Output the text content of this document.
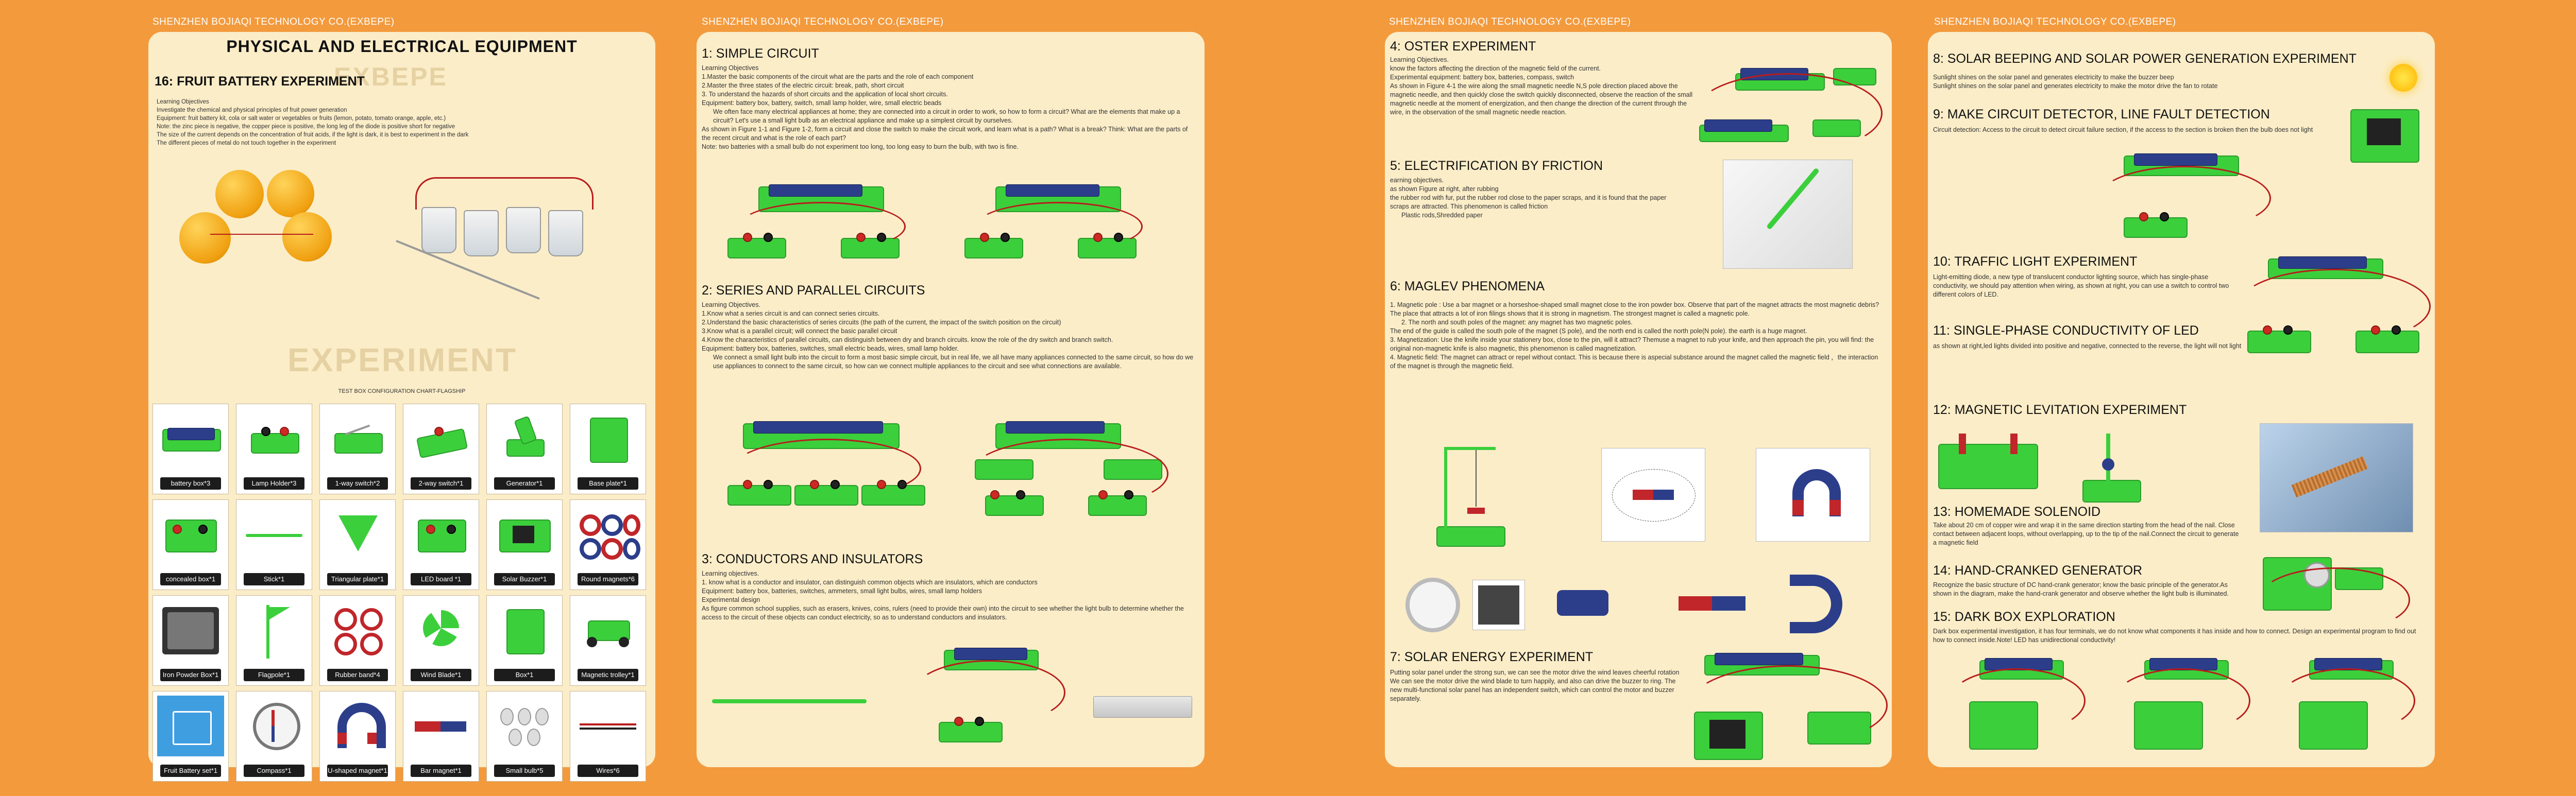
SHENZHEN BOJIAQI TECHNOLOGY CO.(EXBEPE)	SHENZHEN BOJIAQI TECHNOLOGY CO.(EXBEPE)	SHENZHEN BOJIAQI TECHNOLOGY CO.(EXBEPE)	SHENZHEN BOJIAQI TECHNOLOGY CO.(EXBEPE)
PHYSICAL AND ELECTRICAL EQUIPMENT
EXBEPE
16: FRUIT BATTERY EXPERIMENT

Learning Objectives

Investigate the chemical and physical principles of fruit power generation

Equipment: fruit battery kit, cola or salt water or vegetables or fruits (lemon, potato, tomato orange, apple, etc.)

Note: the zinc piece is negative, the copper piece is positive, the long leg of the diode is positive short for negative

The size of the current depends on the concentration of fruit acids, if the light is dark, it is best to experiment in the dark

The different pieces of metal do not touch together in the experiment

EXPERIMENT
TEST BOX CONFIGURATION CHART-FLAGSHIP
battery box*3	Lamp Holder*3	1-way switch*2	2-way switch*1	Generator*1	Base plate*1
concealed box*1	Stick*1	Triangular plate*1	LED board *1	Solar Buzzer*1	Round magnets*6
Iron Powder Box*1	Flagpole*1	Rubber band*4	Wind Blade*1	Box*1	Magnetic trolley*1
Fruit Battery set*1	Compass*1	U-shaped magnet*1	Bar magnet*1	Small bulb*5	Wires*6
1: SIMPLE CIRCUIT

Learning Objectives

1.Master the basic components of the circuit what are the parts and the role of each component

2.Master the three states of the electric circuit: break, path, short circuit

3. To understand the hazards of short circuits and the application of local short circuits.

Equipment: battery box, battery, switch, small lamp holder, wire, small electric beads

We often face many electrical appliances at home; they are connected into a circuit in order to work, so how to form a circuit? What are the elements that make up a circuit? Let's use a small light bulb as an electrical appliance and make up a simplest circuit by ourselves.

As shown in Figure 1-1 and Figure 1-2, form a circuit and close the switch to make the circuit work, and learn what is a path? What is a break? Think: What are the parts of the recent circuit and what is the role of each part?

Note: two batteries with a small bulb do not experiment too long, too long easy to burn the bulb, with two is fine.

2: SERIES AND PARALLEL CIRCUITS

Learning Objectives.

1.Know what a series circuit is and can connect series circuits.

2.Understand the basic characteristics of series circuits (the path of the current, the impact of the switch position on the circuit)

3.Know what is a parallel circuit; will connect the basic parallel circuit

4.Know the characteristics of parallel circuits, can distinguish between dry and branch circuits. know the role of the dry switch and branch switch.

Equipment: battery box, batteries, switches, small electric beads, wires, small lamp holder.

We connect a small light bulb into the circuit to form a most basic simple circuit, but in real life, we all have many appliances connected to the same circuit, so how do we use appliances to connect to the same circuit, so how can we connect multiple appliances to the circuit and see what connections are available.

3: CONDUCTORS AND INSULATORS

Learning objectives.

1. know what is a conductor and insulator, can distinguish common objects which are insulators, which are conductors

Equipment: battery box, batteries, switches, ammeters, small light bulbs, wires, small lamp holders

Experimental design

As figure common school supplies, such as erasers, knives, coins, rulers (need to provide their own) into the circuit to see whether the light bulb to determine whether the access to the circuit of these objects can conduct electricity, so as to understand conductors and insulators.

4: OSTER EXPERIMENT

Learning Objectives.

know the factors affecting the direction of the magnetic field of the current.

Experimental equipment: battery box, batteries, compass, switch

As shown in Figure 4-1 the wire along the small magnetic needle N,S pole direction placed above the magnetic needle, and then quickly close the switch quickly disconnected, observe the reaction of the small magnetic needle at the moment of energization, and then change the direction of the current through the wire, in the observation of the small magnetic needle reaction.

5: ELECTRIFICATION BY FRICTION

earning objectives.

as shown Figure at right, after rubbing

the rubber rod with fur, put the rubber rod close to the paper scraps, and it is found that the paper scraps are attracted. This phenomenon is called friction

Plastic rods,Shredded paper

6: MAGLEV PHENOMENA

1. Magnetic pole : Use a bar magnet or a horseshoe-shaped small magnet close to the iron powder box. Observe that part of the magnet attracts the most magnetic debris?The place that attracts a lot of iron filings shows that it is strong in magnetism. The strongest magnet is called a magnetic pole.

2. The north and south poles of the magnet: any magnet has two magnetic poles.

The end of the guide is called the south pole of the magnet (S pole), and the north end is called the north pole(N pole). the earth is a huge magnet.

3. Magnetization: Use the knife inside your stationery box, close to the pin, will it attract? Themuse a magnet to rub your knife, and then approach the pin, you will find: the original non-magnetic knife is also magnetic, this phenomenon is called magnetization.

4. Magnetic field: The magnet can attract or repel without contact. This is because there is aspecial substance around the magnet called the magnetic field ，the interaction of the magnet is through the magnetic field.

7: SOLAR ENERGY EXPERIMENT

Putting solar panel under the strong sun, we can see the motor drive the wind leaves cheerful rotation We can see the motor drive the wind blade to turn happily, and also can drive the buzzer to ring. The new multi-functional solar panel has an independent switch, which can control the motor and buzzer separately.

8: SOLAR BEEPING AND SOLAR POWER GENERATION EXPERIMENT

Sunlight shines on the solar panel and generates electricity to make the buzzer beep

Sunlight shines on the solar panel and generates electricity to make the motor drive the fan to rotate

9: MAKE CIRCUIT DETECTOR, LINE FAULT DETECTION

Circuit detection: Access to the circuit to detect circuit failure section, if the access to the section is broken then the bulb does not light

10: TRAFFIC LIGHT EXPERIMENT

Light-emitting diode, a new type of translucent conductor lighting source, which has single-phase conductivity, we should pay attention when wiring, as shown at right, you can use a switch to control two different colors of LED.

11: SINGLE-PHASE CONDUCTIVITY OF LED

as shown at right,led lights divided into positive and negative, connected to the reverse, the light will not light

12: MAGNETIC LEVITATION EXPERIMENT
13: HOMEMADE SOLENOID

Take about 20 cm of copper wire and wrap it in the same direction starting from the head of the nail. Close contact between adjacent loops, without overlapping, up to the tip of the nail.Connect the circuit to generate a magnetic field

14: HAND-CRANKED GENERATOR

Recognize the basic structure of DC hand-crank generator; know the basic principle of the generator.As shown in the diagram, make the hand-crank generator and observe whether the light bulb is illuminated.

15: DARK BOX EXPLORATION

Dark box experimental investigation, it has four terminals, we do not know what components it has inside and how to connect. Design an experimental program to find out how to connect inside.Note! LED has unidirectional conductivity!
